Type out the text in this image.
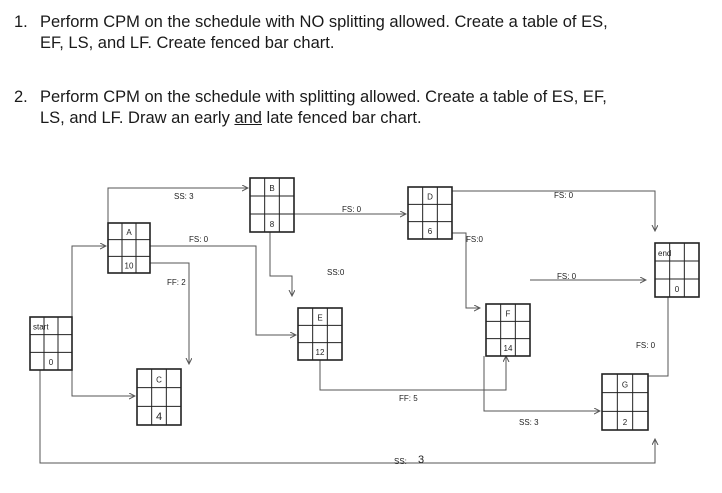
1. Perform CPM on the schedule with NO splitting allowed. Create a table of ES,
EF, LS, and LF. Create fenced bar chart.
2. Perform CPM on the schedule with splitting allowed. Create a table of ES, EF,
LS, and LF. Draw an early and late fenced bar chart.
SS: 3
FS: 0
FF: 2
FS: 0
SS:0
FS:0
FS: 0
FS: 0
FS: 0
FF: 5
SS: 3
SS: 3
start
0
A
10
B
8
C
4
D
6
E
12
F
14
G
2
end
0
